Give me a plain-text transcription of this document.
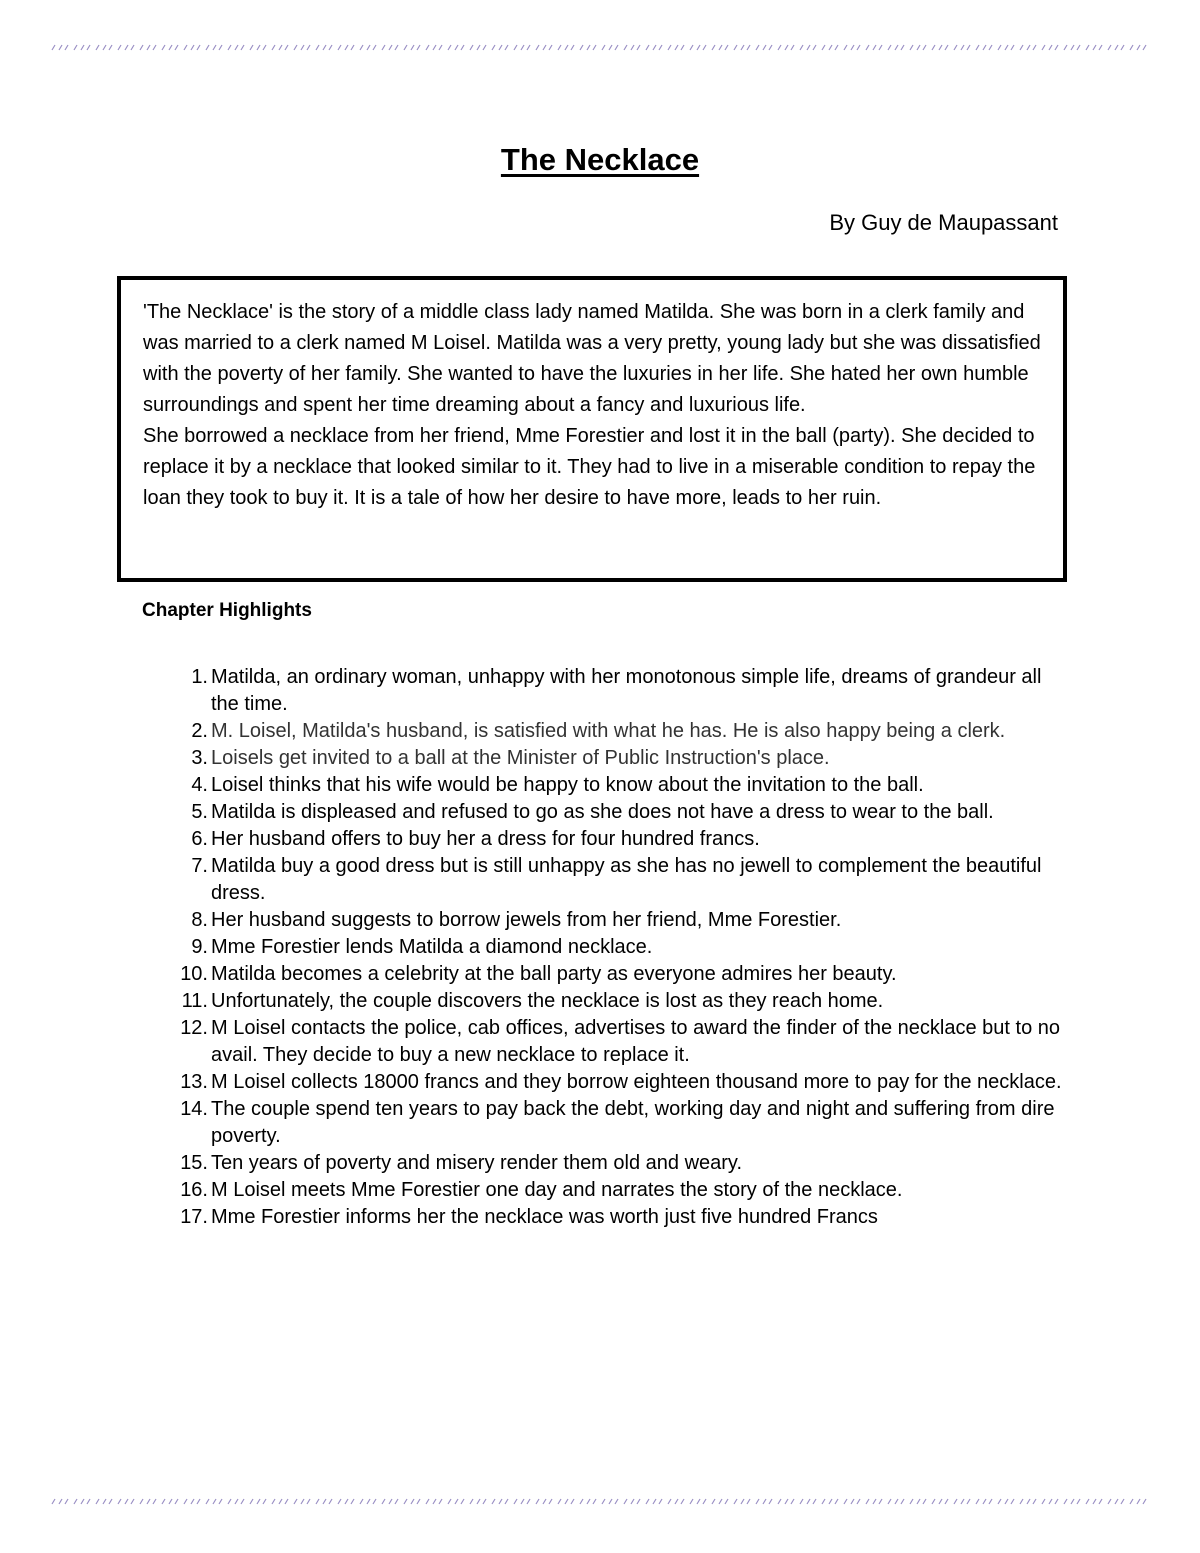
The Necklace

By Guy de Maupassant

'The Necklace' is the story of a middle class lady named Matilda. She was born in a clerk family and was married to a clerk named M Loisel. Matilda was a very pretty, young lady but she was dissatisfied with the poverty of her family. She wanted to have the luxuries in her life. She hated her own humble surroundings and spent her time dreaming about a fancy and luxurious life.

She borrowed a necklace from her friend, Mme Forestier and lost it in the ball (party). She decided to replace it by a necklace that looked similar to it. They had to live in a miserable condition to repay the loan they took to buy it. It is a tale of how her desire to have more, leads to her ruin.

Chapter Highlights
1. Matilda, an ordinary woman, unhappy with her monotonous simple life, dreams of grandeur all the time.
2. M. Loisel, Matilda's husband, is satisfied with what he has. He is also happy being a clerk.
3. Loisels get invited to a ball at the Minister of Public Instruction's place.
4. Loisel thinks that his wife would be happy to know about the invitation to the ball.
5. Matilda is displeased and refused to go as she does not have a dress to wear to the ball.
6. Her husband offers to buy her a dress for four hundred francs.
7. Matilda buy a good dress but is still unhappy as she has no jewell to complement the beautiful dress.
8. Her husband suggests to borrow jewels from her friend, Mme Forestier.
9. Mme Forestier lends Matilda a diamond necklace.
10. Matilda becomes a celebrity at the ball party as everyone admires her beauty.
11. Unfortunately, the couple discovers the necklace is lost as they reach home.
12. M Loisel contacts the police, cab offices, advertises to award the finder of the necklace but to no avail. They decide to buy a new necklace to replace it.
13. M Loisel collects 18000 francs and they borrow eighteen thousand more to pay for the necklace.
14. The couple spend ten years to pay back the debt, working day and night and suffering from dire poverty.
15. Ten years of poverty and misery render them old and weary.
16. M Loisel meets Mme Forestier one day and narrates the story of the necklace.
17. Mme Forestier informs her the necklace was worth just five hundred Francs
